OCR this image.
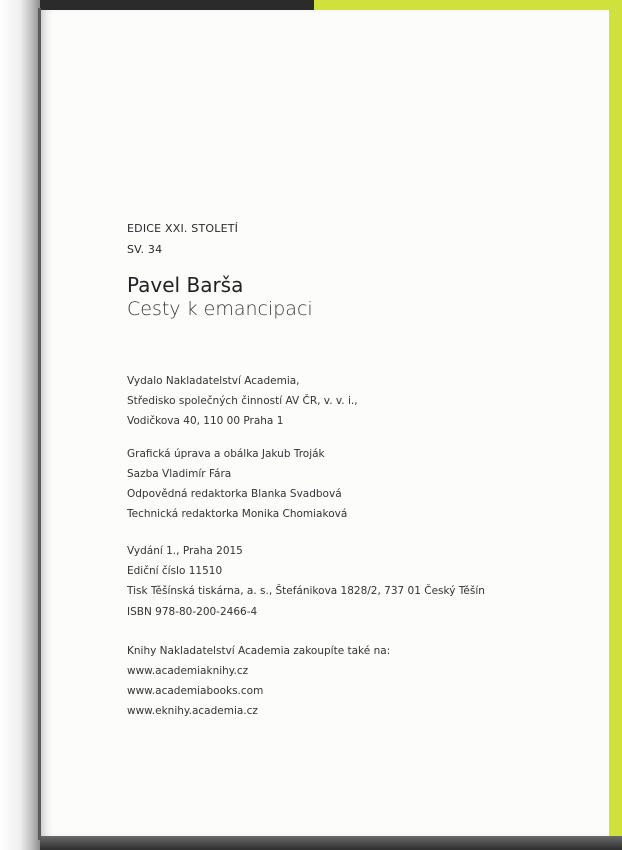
EDICE XXI. STOLETÍ
SV. 34
Pavel Barša
Cesty k emancipaci
Vydalo Nakladatelství Academia,
Středisko společných činností AV ČR, v. v. i.,
Vodičkova 40, 110 00 Praha 1
Grafická úprava a obálka Jakub Troják
Sazba Vladimír Fára
Odpovědná redaktorka Blanka Svadbová
Technická redaktorka Monika Chomiaková
Vydání 1., Praha 2015
Ediční číslo 11510
Tisk Těšínská tiskárna, a. s., Štefánikova 1828/2, 737 01 Český Těšín
ISBN 978-80-200-2466-4
Knihy Nakladatelství Academia zakoupíte také na:
www.academiaknihy.cz
www.academiabooks.com
www.eknihy.academia.cz
